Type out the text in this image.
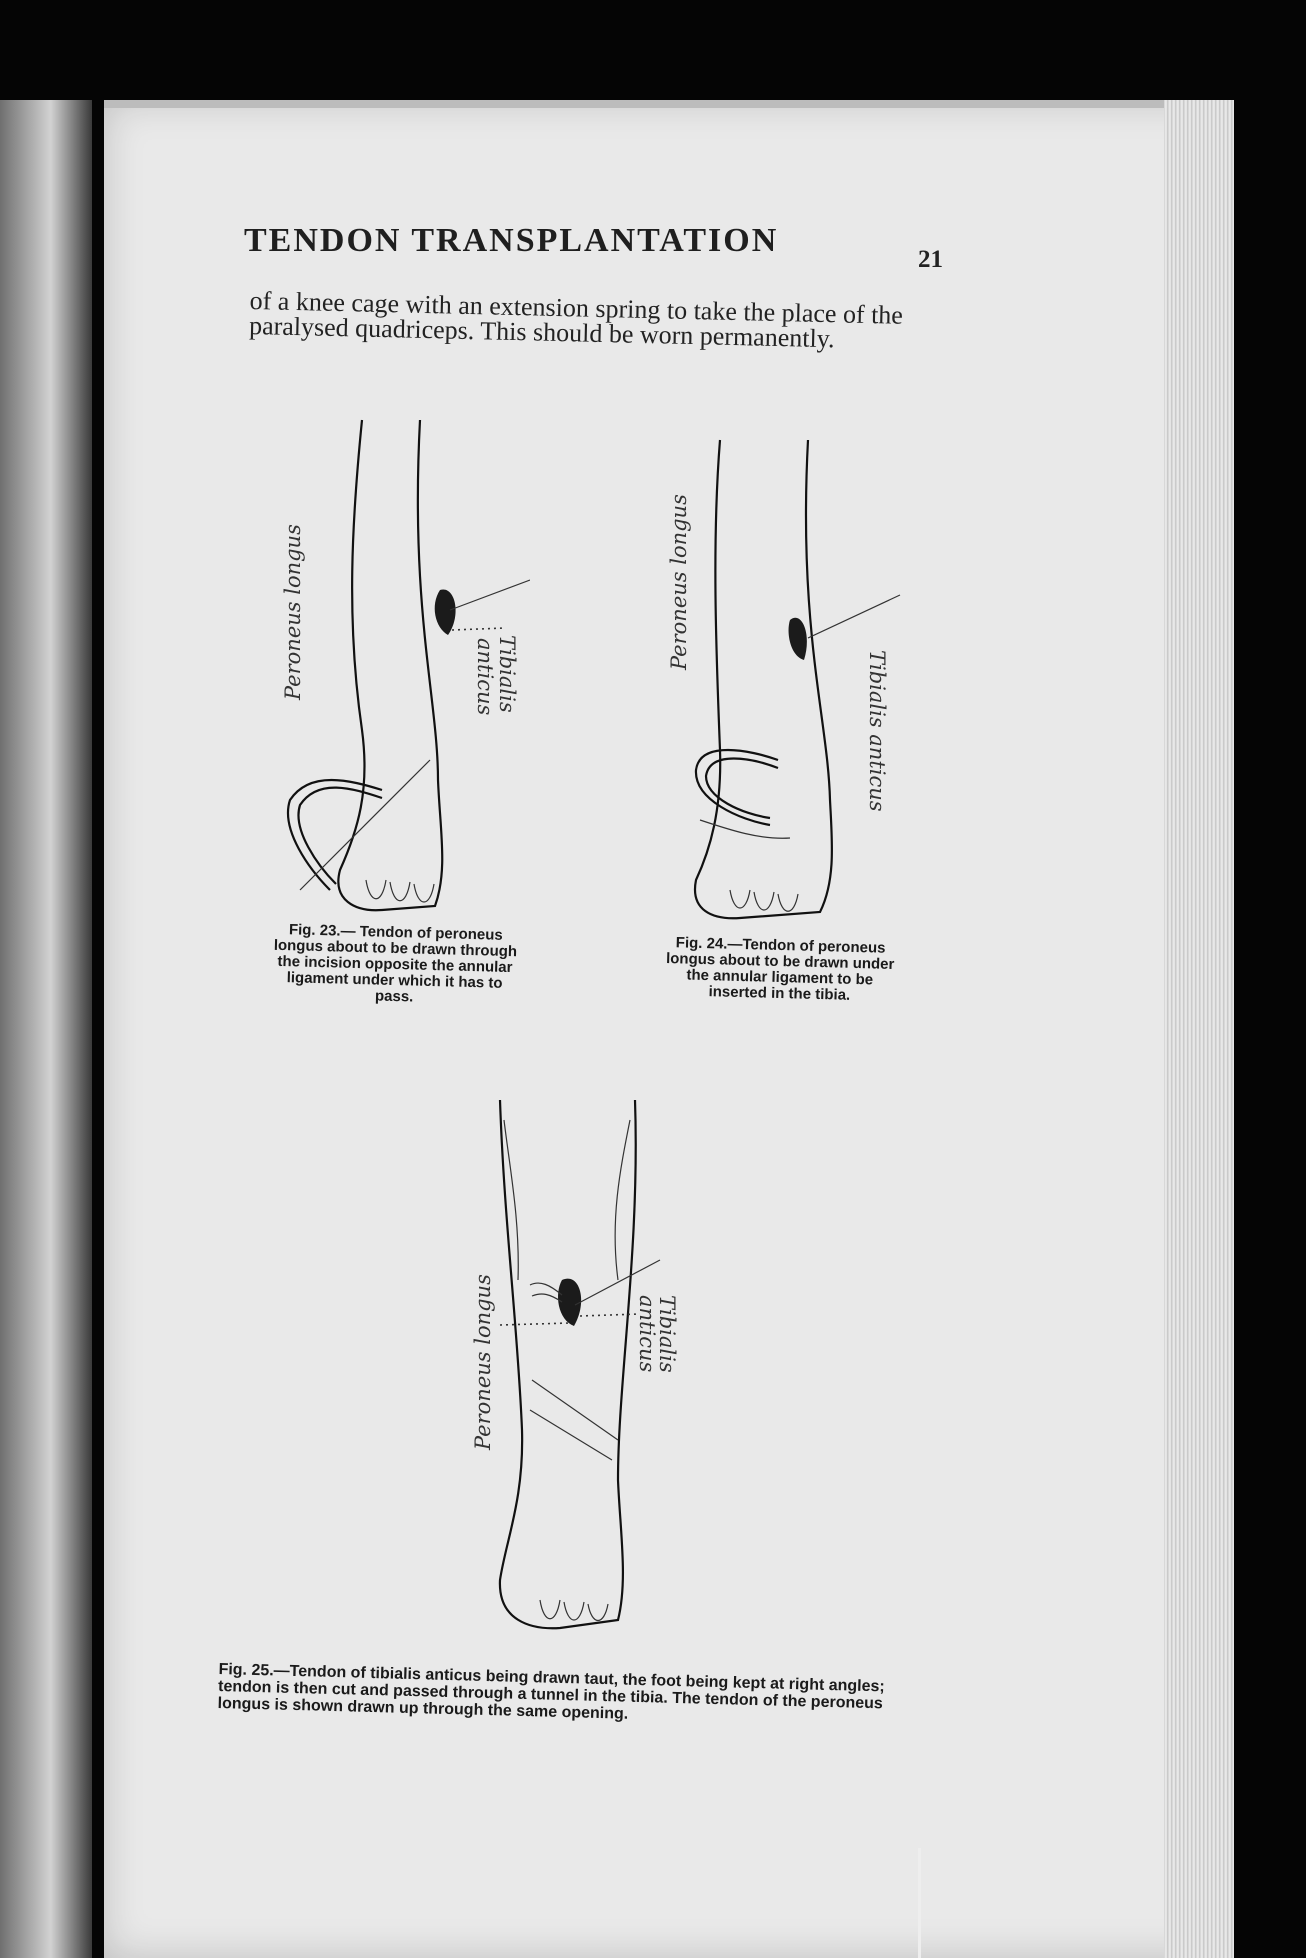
TENDON TRANSPLANTATION
21
of a knee cage with an extension spring to take the place of the paralysed quadriceps. This should be worn permanently.
Peroneus longus	Tibialis
anticus
Fig. 23.— Tendon of peroneus longus about to be drawn through the incision opposite the annular ligament under which it has to pass.
Peroneus longus
Tibialis anticus
Fig. 24.—Tendon of peroneus longus about to be drawn under the annular ligament to be inserted in the tibia.
Peroneus longus	Tibialis
anticus
Fig. 25.—Tendon of tibialis anticus being drawn taut, the foot being kept at right angles; tendon is then cut and passed through a tunnel in the tibia. The tendon of the peroneus longus is shown drawn up through the same opening.
